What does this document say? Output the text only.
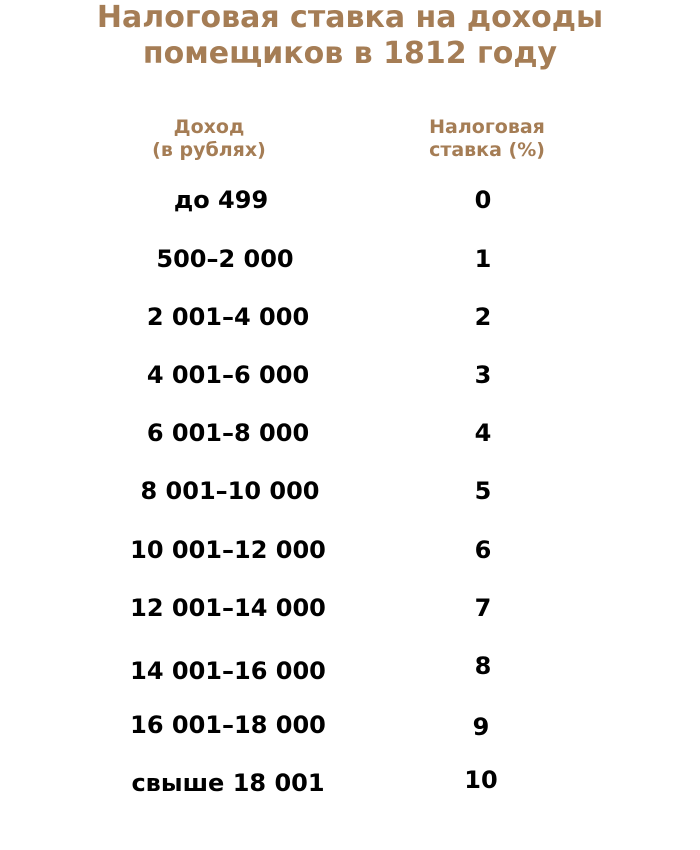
Налоговая ставка на доходы
помещиков в 1812 году
Доход
(в рублях)
Налоговая
ставка (%)
до 499	0
500–2 000	1
2 001–4 000	2
4 001–6 000	3
6 001–8 000	4
8 001–10 000	5
10 001–12 000	6
12 001–14 000	7
14 001–16 000	8
16 001–18 000	9
свыше 18 001	10
